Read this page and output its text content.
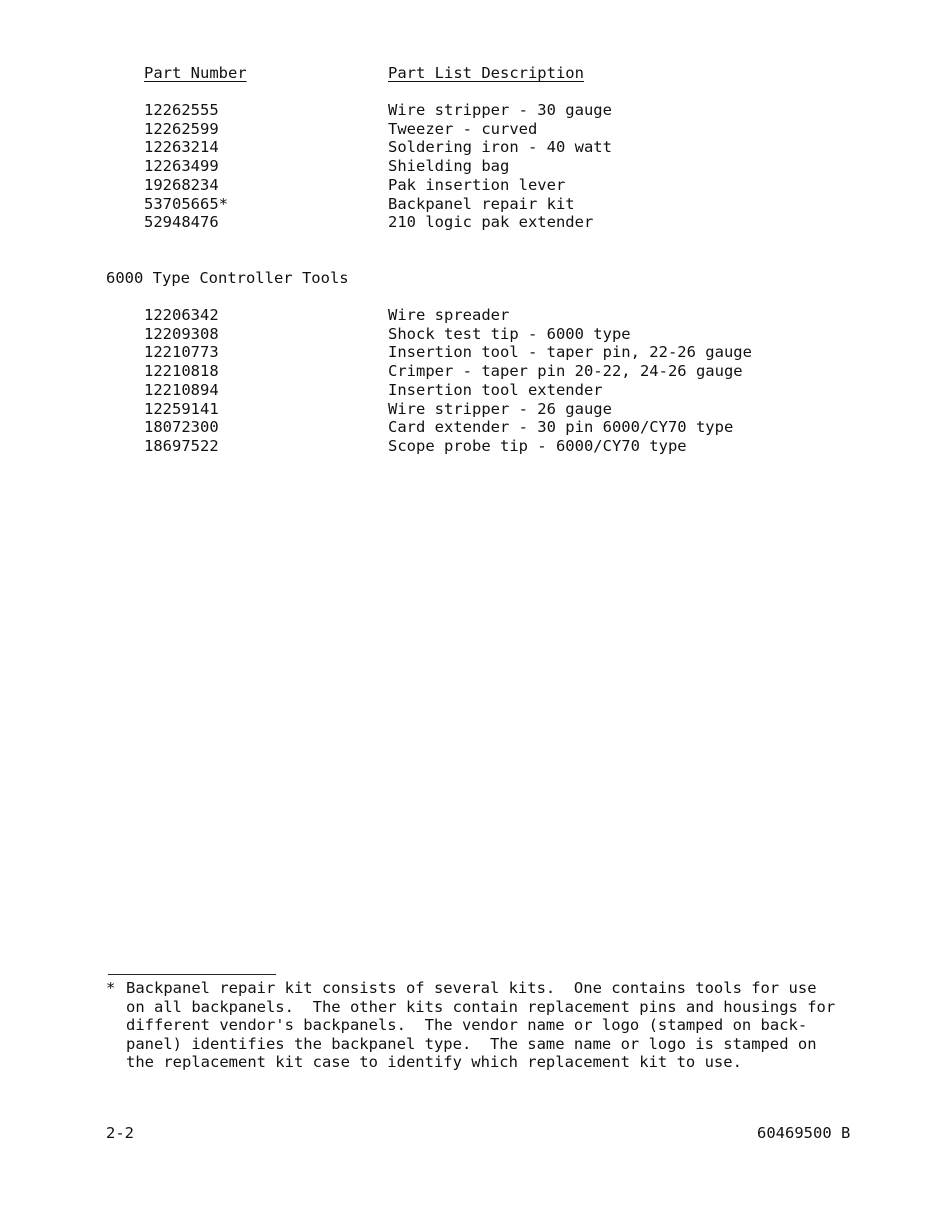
Part Number	Part List Description
12262555	Wire stripper - 30 gauge
12262599	Tweezer - curved
12263214	Soldering iron - 40 watt
12263499	Shielding bag
19268234	Pak insertion lever
53705665*	Backpanel repair kit
52948476	210 logic pak extender
6000 Type Controller Tools
12206342	Wire spreader
12209308	Shock test tip - 6000 type
12210773	Insertion tool - taper pin, 22-26 gauge
12210818	Crimper - taper pin 20-22, 24-26 gauge
12210894	Insertion tool extender
12259141	Wire stripper - 26 gauge
18072300	Card extender - 30 pin 6000/CY70 type
18697522	Scope probe tip - 6000/CY70 type
* Backpanel repair kit consists of several kits.  One contains tools for use
on all backpanels.  The other kits contain replacement pins and housings for
different vendor's backpanels.  The vendor name or logo (stamped on back-
panel) identifies the backpanel type.  The same name or logo is stamped on
the replacement kit case to identify which replacement kit to use.
2-2	60469500 B
